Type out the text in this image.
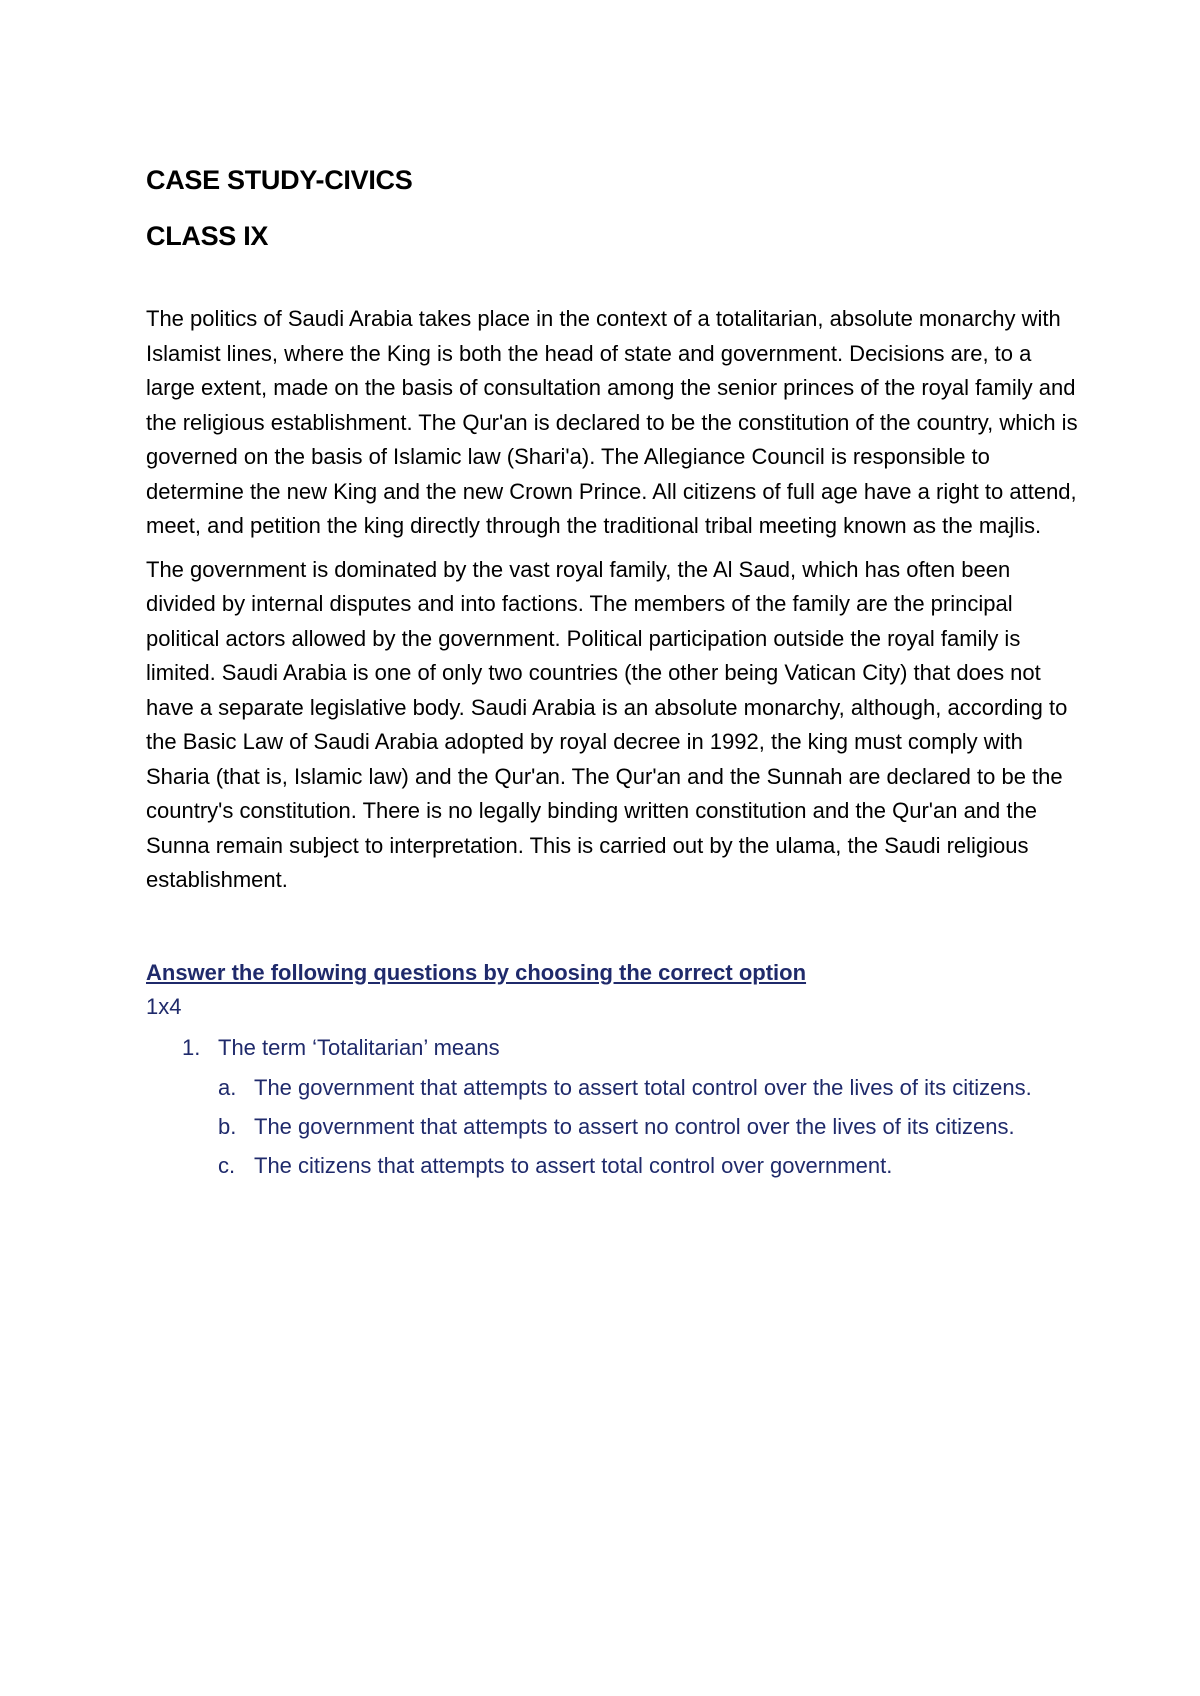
CASE STUDY-CIVICS
CLASS IX

The politics of Saudi Arabia takes place in the context of a totalitarian, absolute monarchy with Islamist lines, where the King is both the head of state and government. Decisions are, to a large extent, made on the basis of consultation among the senior princes of the royal family and the religious establishment. The Qur'an is declared to be the constitution of the country, which is governed on the basis of Islamic law (Shari'a). The Allegiance Council is responsible to determine the new King and the new Crown Prince. All citizens of full age have a right to attend, meet, and petition the king directly through the traditional tribal meeting known as the majlis.

The government is dominated by the vast royal family, the Al Saud, which has often been divided by internal disputes and into factions. The members of the family are the principal political actors allowed by the government. Political participation outside the royal family is limited. Saudi Arabia is one of only two countries (the other being Vatican City) that does not have a separate legislative body. Saudi Arabia is an absolute monarchy, although, according to the Basic Law of Saudi Arabia adopted by royal decree in 1992, the king must comply with Sharia (that is, Islamic law) and the Qur'an. The Qur'an and the Sunnah are declared to be the country's constitution. There is no legally binding written constitution and the Qur'an and the Sunna remain subject to interpretation. This is carried out by the ulama, the Saudi religious establishment.

Answer the following questions by choosing the correct option
1x4
1. The term ‘Totalitarian’ means
a. The government that attempts to assert total control over the lives of its citizens.
b. The government that attempts to assert no control over the lives of its citizens.
c. The citizens that attempts to assert total control over government.
